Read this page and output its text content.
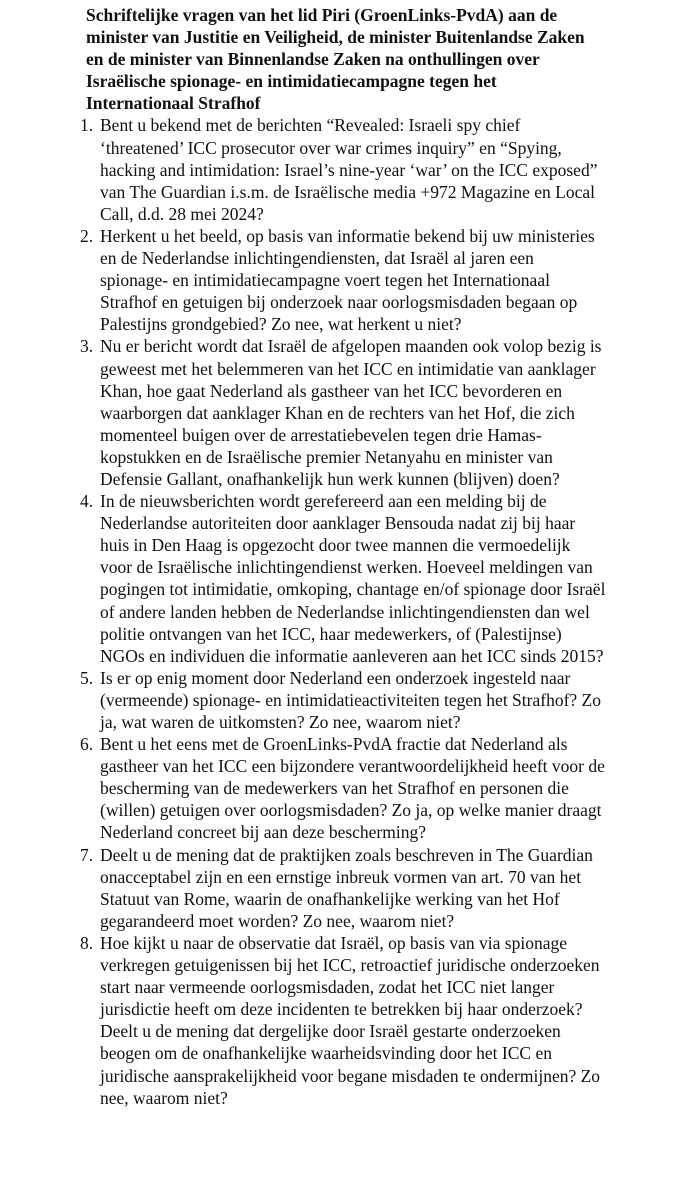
Schriftelijke vragen van het lid Piri (GroenLinks-PvdA) aan de minister van Justitie en Veiligheid, de minister Buitenlandse Zaken en de minister van Binnenlandse Zaken na onthullingen over Israëlische spionage- en intimidatiecampagne tegen het Internationaal Strafhof
1. Bent u bekend met de berichten “Revealed: Israeli spy chief ‘threatened’ ICC prosecutor over war crimes inquiry” en “Spying, hacking and intimidation: Israel’s nine-year ‘war’ on the ICC exposed” van The Guardian i.s.m. de Israëlische media +972 Magazine en Local Call, d.d. 28 mei 2024?
2. Herkent u het beeld, op basis van informatie bekend bij uw ministeries en de Nederlandse inlichtingendiensten, dat Israël al jaren een spionage- en intimidatiecampagne voert tegen het Internationaal Strafhof en getuigen bij onderzoek naar oorlogsmisdaden begaan op Palestijns grondgebied? Zo nee, wat herkent u niet?
3. Nu er bericht wordt dat Israël de afgelopen maanden ook volop bezig is geweest met het belemmeren van het ICC en intimidatie van aanklager Khan, hoe gaat Nederland als gastheer van het ICC bevorderen en waarborgen dat aanklager Khan en de rechters van het Hof, die zich momenteel buigen over de arrestatiebevelen tegen drie Hamas-kopstukken en de Israëlische premier Netanyahu en minister van Defensie Gallant, onafhankelijk hun werk kunnen (blijven) doen?
4. In de nieuwsberichten wordt gerefereerd aan een melding bij de Nederlandse autoriteiten door aanklager Bensouda nadat zij bij haar huis in Den Haag is opgezocht door twee mannen die vermoedelijk voor de Israëlische inlichtingendienst werken. Hoeveel meldingen van pogingen tot intimidatie, omkoping, chantage en/of spionage door Israël of andere landen hebben de Nederlandse inlichtingendiensten dan wel politie ontvangen van het ICC, haar medewerkers, of (Palestijnse) NGOs en individuen die informatie aanleveren aan het ICC sinds 2015?
5. Is er op enig moment door Nederland een onderzoek ingesteld naar (vermeende) spionage- en intimidatieactiviteiten tegen het Strafhof? Zo ja, wat waren de uitkomsten? Zo nee, waarom niet?
6. Bent u het eens met de GroenLinks-PvdA fractie dat Nederland als gastheer van het ICC een bijzondere verantwoordelijkheid heeft voor de bescherming van de medewerkers van het Strafhof en personen die (willen) getuigen over oorlogsmisdaden? Zo ja, op welke manier draagt Nederland concreet bij aan deze bescherming?
7. Deelt u de mening dat de praktijken zoals beschreven in The Guardian onacceptabel zijn en een ernstige inbreuk vormen van art. 70 van het Statuut van Rome, waarin de onafhankelijke werking van het Hof gegarandeerd moet worden? Zo nee, waarom niet?
8. Hoe kijkt u naar de observatie dat Israël, op basis van via spionage verkregen getuigenissen bij het ICC, retroactief juridische onderzoeken start naar vermeende oorlogsmisdaden, zodat het ICC niet langer jurisdictie heeft om deze incidenten te betrekken bij haar onderzoek? Deelt u de mening dat dergelijke door Israël gestarte onderzoeken beogen om de onafhankelijke waarheidsvinding door het ICC en juridische aansprakelijkheid voor begane misdaden te ondermijnen? Zo nee, waarom niet?
